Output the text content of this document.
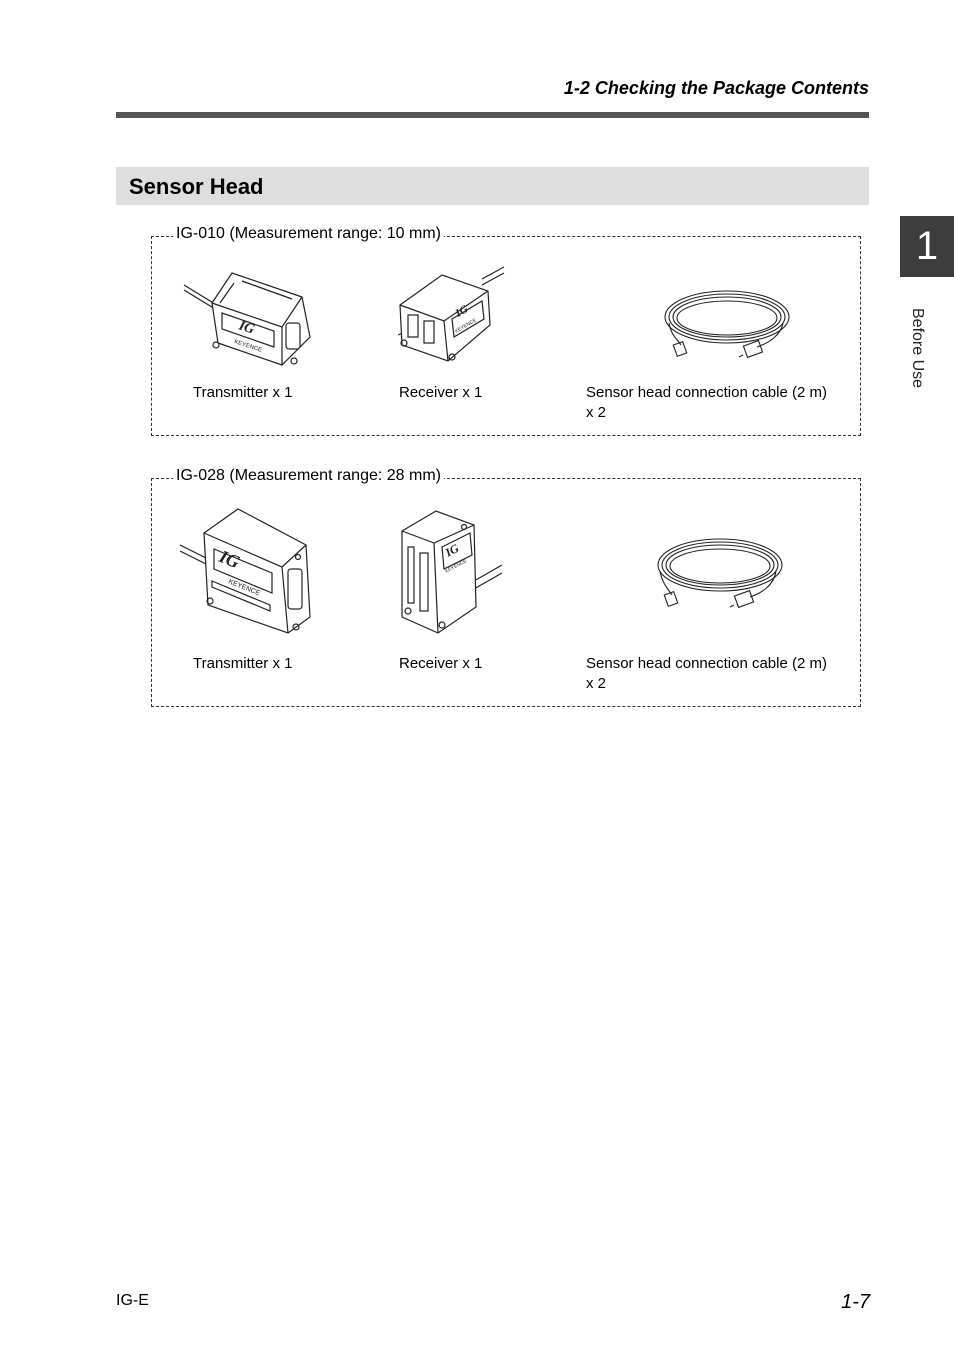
1-2 Checking the Package Contents
Sensor Head
1
Before Use
IG-010 (Measurement range: 10 mm)
IG
KEYENCE
IG
KEYENCE
Transmitter x 1	Receiver x 1	Sensor head connection cable (2 m)
x 2
IG-028 (Measurement range: 28 mm)
IG
KEYENCE
IG
KEYENCE
Transmitter x 1	Receiver x 1	Sensor head connection cable (2 m)
x 2
IG-E	1-7
